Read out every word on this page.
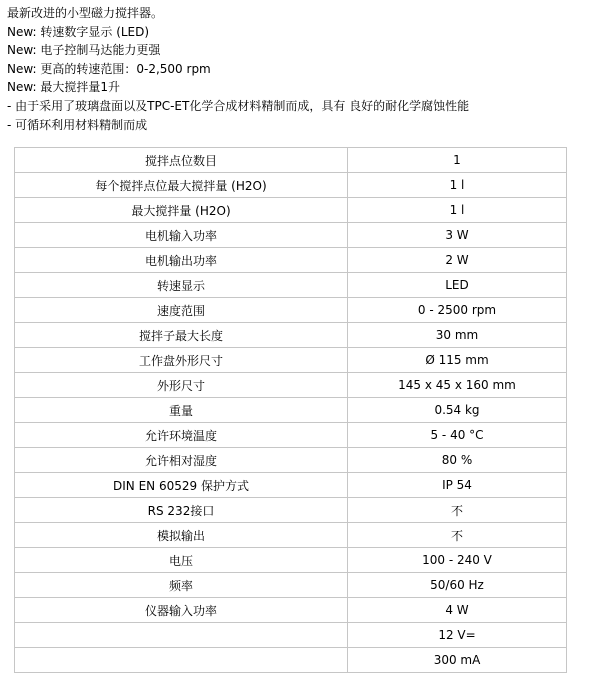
最新改进的小型磁力搅拌器。
New: 转速数字显示 (LED)
New: 电子控制马达能力更强
New: 更高的转速范围：0-2,500 rpm
New: 最大搅拌量1升
- 由于采用了玻璃盘面以及TPC-ET化学合成材料精制而成，具有 良好的耐化学腐蚀性能
- 可循环利用材料精制而成
搅拌点位数目	1
每个搅拌点位最大搅拌量 (H2O)	1 l
最大搅拌量 (H2O)	1 l
电机输入功率	3 W
电机输出功率	2 W
转速显示	LED
速度范围	0 - 2500 rpm
搅拌子最大长度	30 mm
工作盘外形尺寸	Ø 115 mm
外形尺寸	145 x 45 x 160 mm
重量	0.54 kg
允许环境温度	5 - 40 °C
允许相对湿度	80 %
DIN EN 60529 保护方式	IP 54
RS 232接口	不
模拟输出	不
电压	100 - 240 V
频率	50/60 Hz
仪器输入功率	4 W
	12 V=
	300 mA
